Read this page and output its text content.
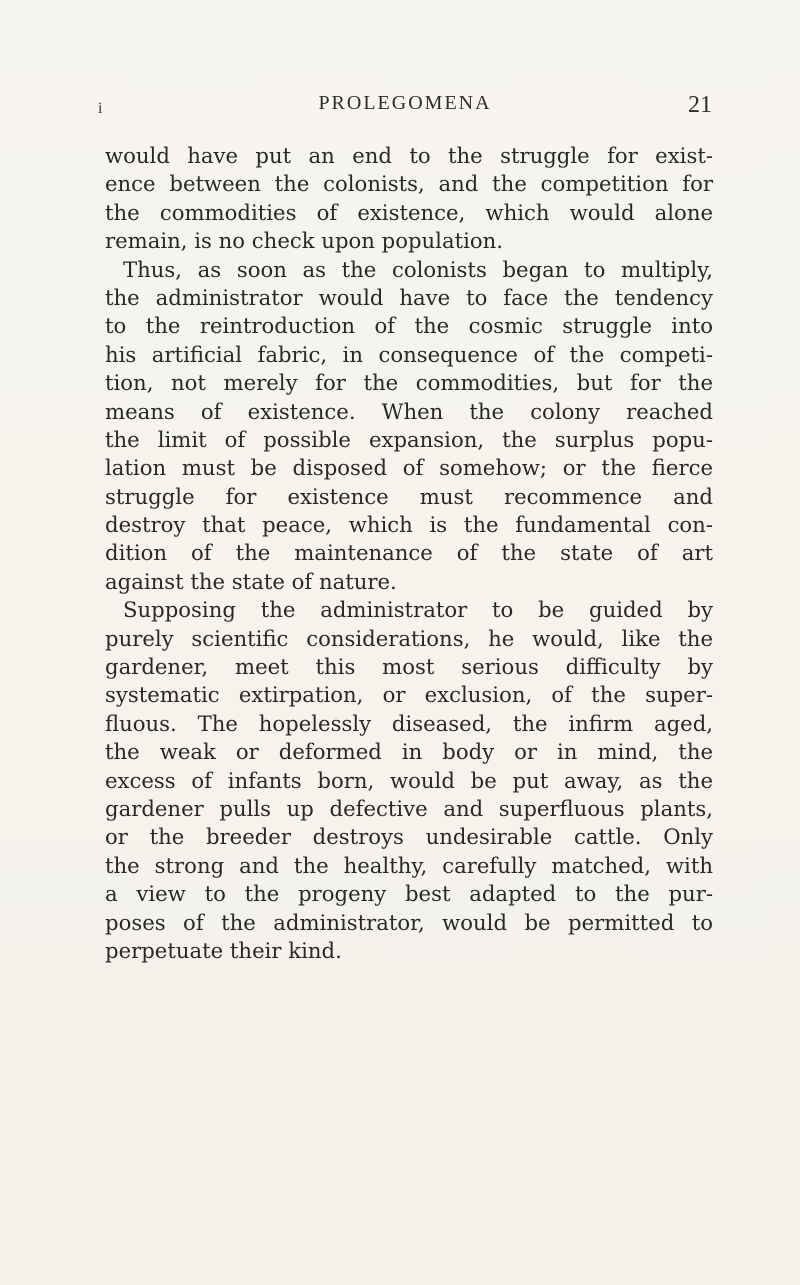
i	PROLEGOMENA	21
would have put an end to the struggle for exist-
ence between the colonists, and the competition for
the commodities of existence, which would alone
remain, is no check upon population.
Thus, as soon as the colonists began to multiply,
the administrator would have to face the tendency
to the reintroduction of the cosmic struggle into
his artificial fabric, in consequence of the competi-
tion, not merely for the commodities, but for the
means of existence. When the colony reached
the limit of possible expansion, the surplus popu-
lation must be disposed of somehow; or the fierce
struggle for existence must recommence and
destroy that peace, which is the fundamental con-
dition of the maintenance of the state of art
against the state of nature.
Supposing the administrator to be guided by
purely scientific considerations, he would, like the
gardener, meet this most serious difficulty by
systematic extirpation, or exclusion, of the super-
fluous. The hopelessly diseased, the infirm aged,
the weak or deformed in body or in mind, the
excess of infants born, would be put away, as the
gardener pulls up defective and superfluous plants,
or the breeder destroys undesirable cattle. Only
the strong and the healthy, carefully matched, with
a view to the progeny best adapted to the pur-
poses of the administrator, would be permitted to
perpetuate their kind.
